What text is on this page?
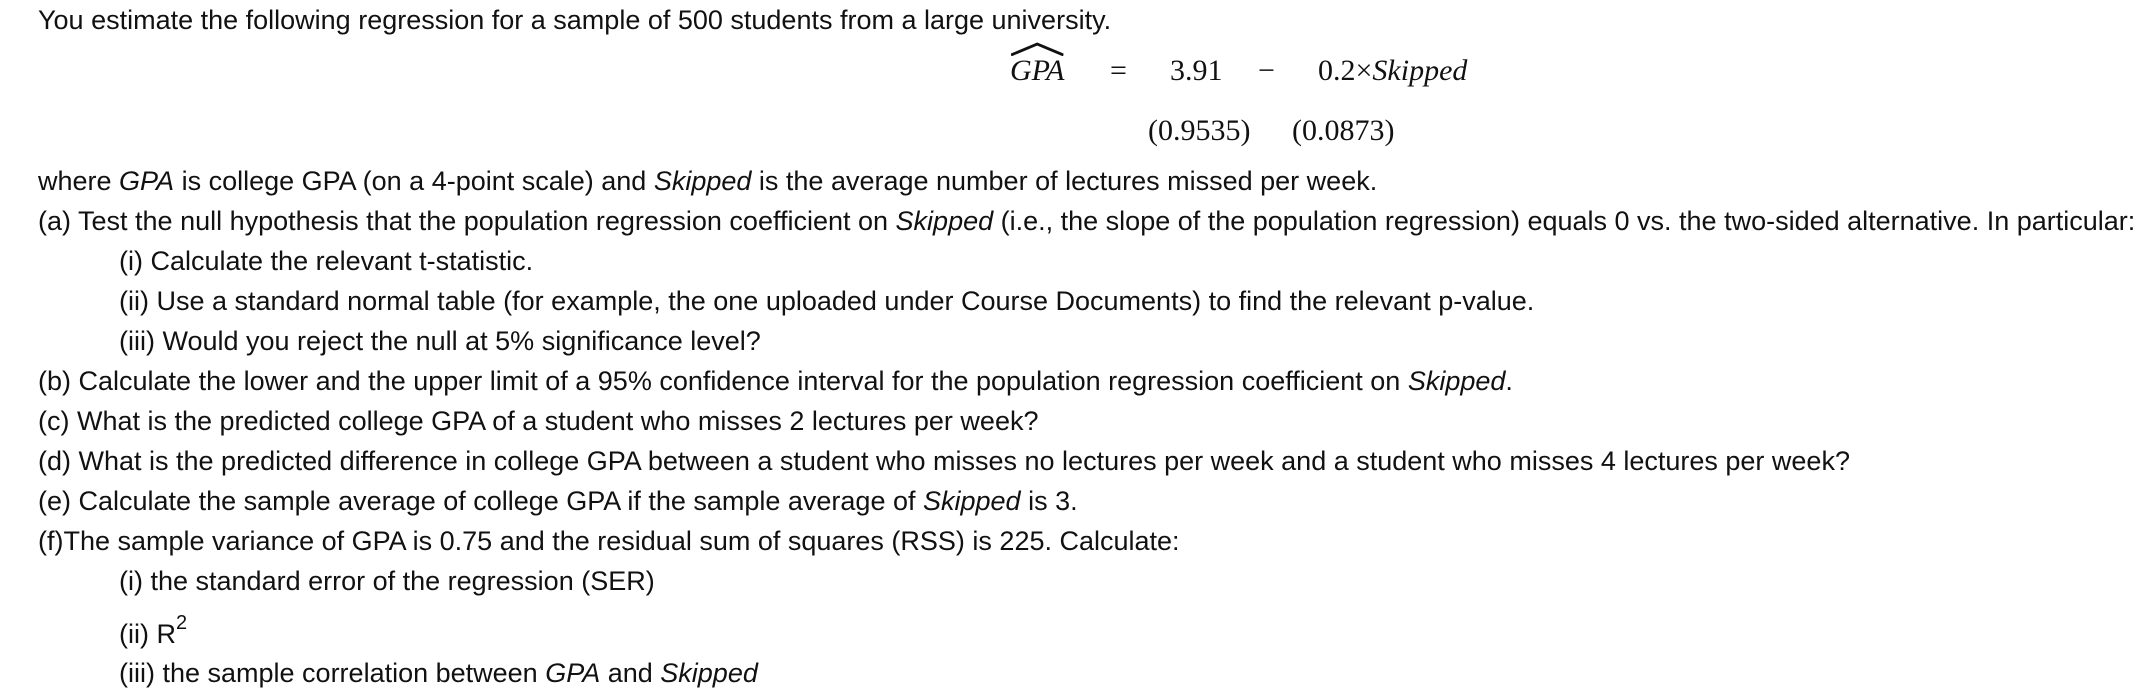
You estimate the following regression for a sample of 500 students from a large university.
GPA = 3.91 − 0.2×Skipped
(0.9535) (0.0873)
where GPA is college GPA (on a 4-point scale) and Skipped is the average number of lectures missed per week.
(a) Test the null hypothesis that the population regression coefficient on Skipped (i.e., the slope of the population regression) equals 0 vs. the two-sided alternative. In particular:
(i) Calculate the relevant t-statistic.
(ii) Use a standard normal table (for example, the one uploaded under Course Documents) to find the relevant p-value.
(iii) Would you reject the null at 5% significance level?
(b) Calculate the lower and the upper limit of a 95% confidence interval for the population regression coefficient on Skipped.
(c) What is the predicted college GPA of a student who misses 2 lectures per week?
(d) What is the predicted difference in college GPA between a student who misses no lectures per week and a student who misses 4 lectures per week?
(e) Calculate the sample average of college GPA if the sample average of Skipped is 3.
(f)The sample variance of GPA is 0.75 and the residual sum of squares (RSS) is 225. Calculate:
(i) the standard error of the regression (SER)
(ii) $R^2$
(iii) the sample correlation between GPA and Skipped
